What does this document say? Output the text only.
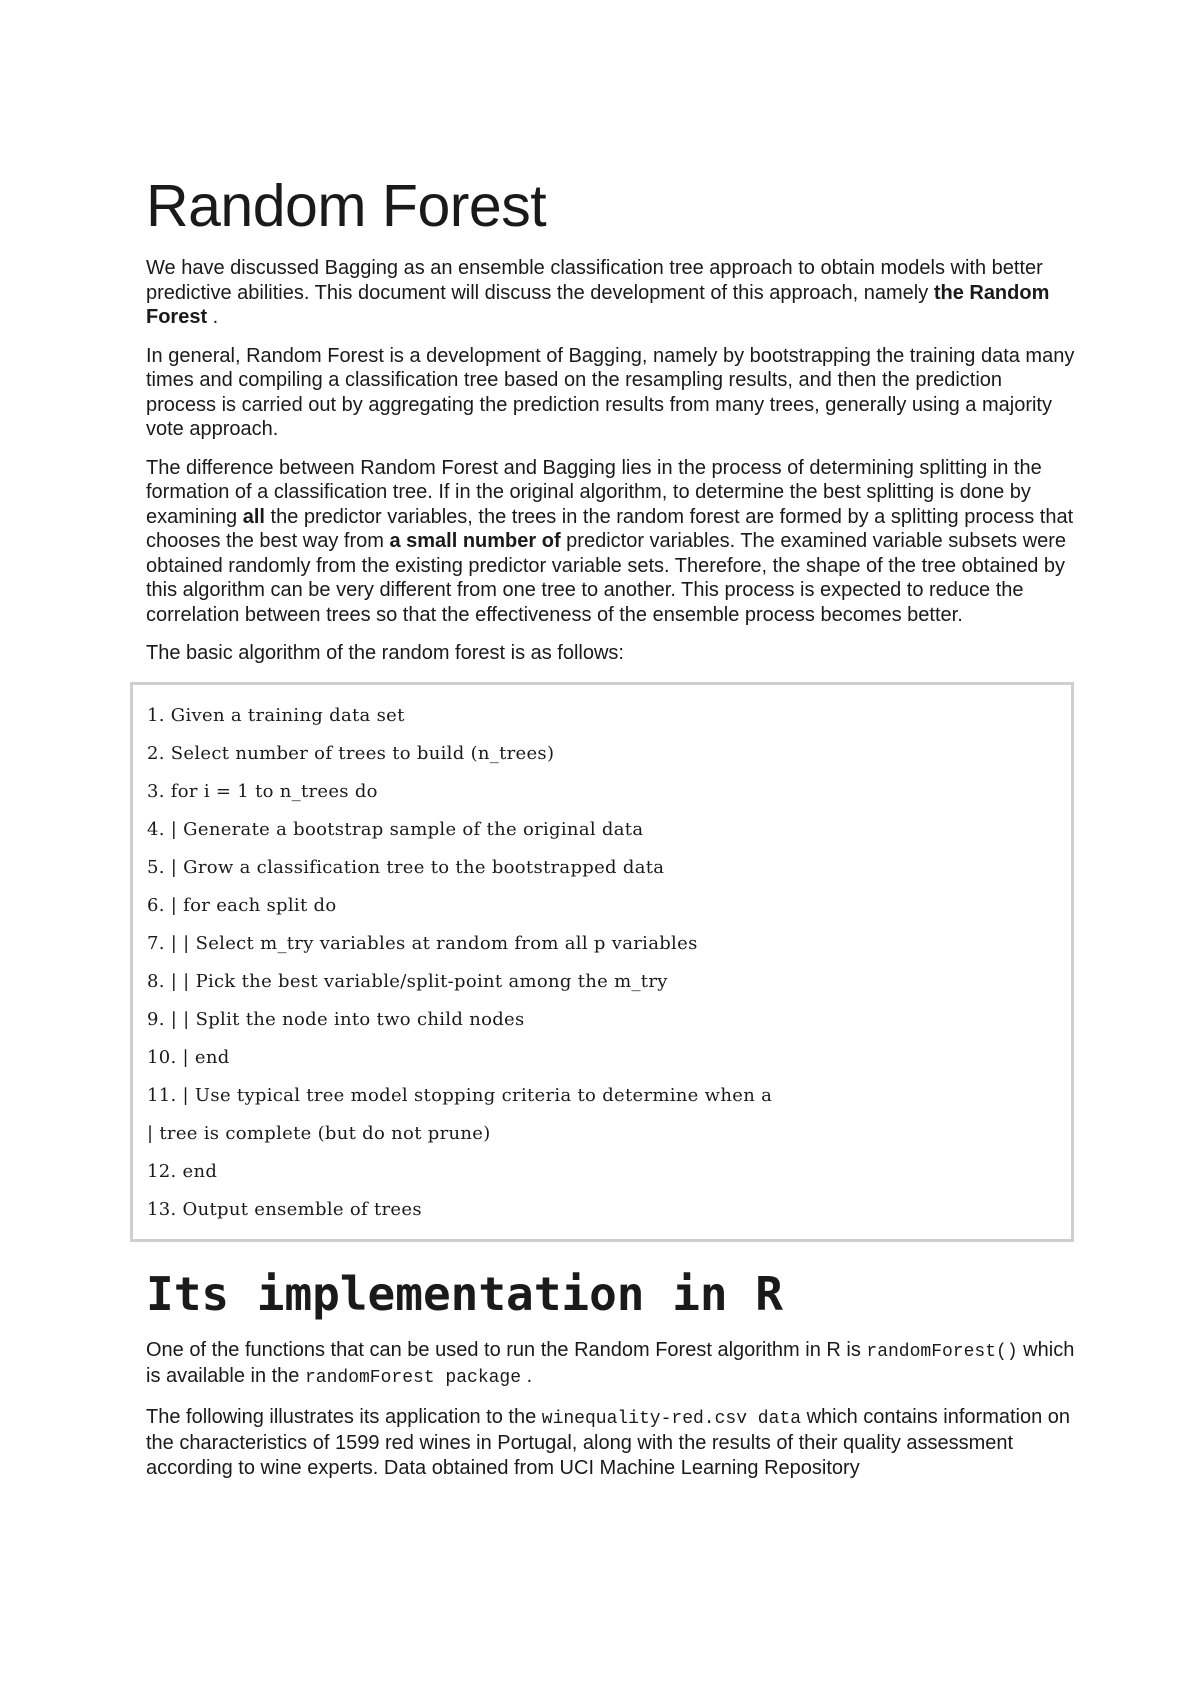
Random Forest

We have discussed Bagging as an ensemble classification tree approach to obtain models with better predictive abilities. This document will discuss the development of this approach, namely the Random Forest .

In general, Random Forest is a development of Bagging, namely by bootstrapping the training data many times and compiling a classification tree based on the resampling results, and then the prediction process is carried out by aggregating the prediction results from many trees, generally using a majority vote approach.

The difference between Random Forest and Bagging lies in the process of determining splitting in the formation of a classification tree. If in the original algorithm, to determine the best splitting is done by examining all the predictor variables, the trees in the random forest are formed by a splitting process that chooses the best way from a small number of predictor variables. The examined variable subsets were obtained randomly from the existing predictor variable sets. Therefore, the shape of the tree obtained by this algorithm can be very different from one tree to another. This process is expected to reduce the correlation between trees so that the effectiveness of the ensemble process becomes better.

The basic algorithm of the random forest is as follows:

1. Given a training data set
2. Select number of trees to build (n_trees)
3. for i = 1 to n_trees do
4. | Generate a bootstrap sample of the original data
5. | Grow a classification tree to the bootstrapped data
6. | for each split do
7. | | Select m_try variables at random from all p variables
8. | | Pick the best variable/split-point among the m_try
9. | | Split the node into two child nodes
10. | end
11. | Use typical tree model stopping criteria to determine when a
| tree is complete (but do not prune)
12. end
13. Output ensemble of trees
Its implementation in R

One of the functions that can be used to run the Random Forest algorithm in R is randomForest() which is available in the randomForest package .

The following illustrates its application to the winequality-red.csv data which contains information on the characteristics of 1599 red wines in Portugal, along with the results of their quality assessment according to wine experts. Data obtained from UCI Machine Learning Repository
